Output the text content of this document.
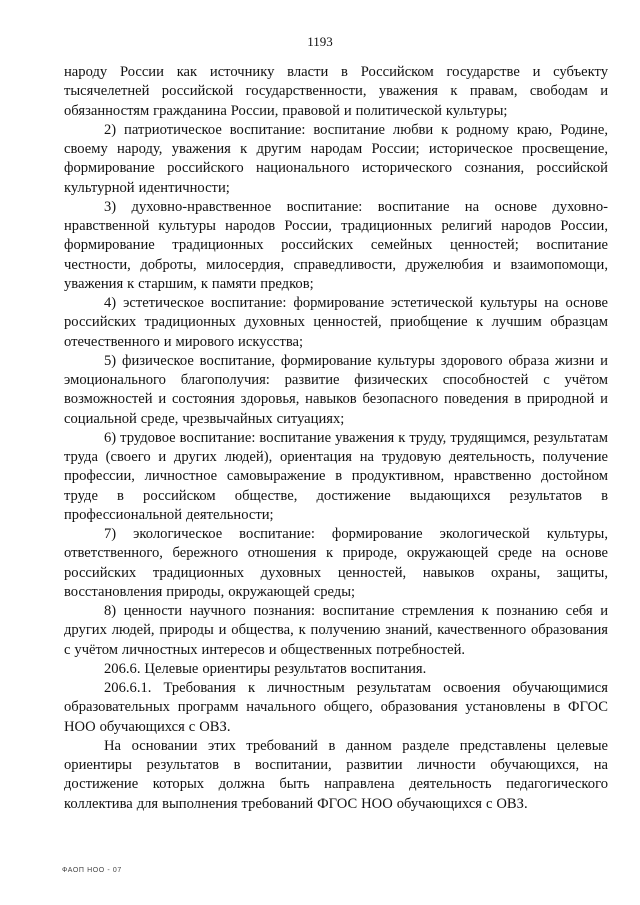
1193

народу России как источнику власти в Российском государстве и субъекту тысячелетней российской государственности, уважения к правам, свободам и обязанностям гражданина России, правовой и политической культуры;

2) патриотическое воспитание: воспитание любви к родному краю, Родине, своему народу, уважения к другим народам России; историческое просвещение, формирование российского национального исторического сознания, российской культурной идентичности;

3) духовно-нравственное воспитание: воспитание на основе духовно-нравственной культуры народов России, традиционных религий народов России, формирование традиционных российских семейных ценностей; воспитание честности, доброты, милосердия, справедливости, дружелюбия и взаимопомощи, уважения к старшим, к памяти предков;

4) эстетическое воспитание: формирование эстетической культуры на основе российских традиционных духовных ценностей, приобщение к лучшим образцам отечественного и мирового искусства;

5) физическое воспитание, формирование культуры здорового образа жизни и эмоционального благополучия: развитие физических способностей с учётом возможностей и состояния здоровья, навыков безопасного поведения в природной и социальной среде, чрезвычайных ситуациях;

6) трудовое воспитание: воспитание уважения к труду, трудящимся, результатам труда (своего и других людей), ориентация на трудовую деятельность, получение профессии, личностное самовыражение в продуктивном, нравственно достойном труде в российском обществе, достижение выдающихся результатов в профессиональной деятельности;

7) экологическое воспитание: формирование экологической культуры, ответственного, бережного отношения к природе, окружающей среде на основе российских традиционных духовных ценностей, навыков охраны, защиты, восстановления природы, окружающей среды;

8) ценности научного познания: воспитание стремления к познанию себя и других людей, природы и общества, к получению знаний, качественного образования с учётом личностных интересов и общественных потребностей.

206.6. Целевые ориентиры результатов воспитания.

206.6.1. Требования к личностным результатам освоения обучающимися образовательных программ начального общего, образования установлены в ФГОС НОО обучающихся с ОВЗ.

На основании этих требований в данном разделе представлены целевые ориентиры результатов в воспитании, развитии личности обучающихся, на достижение которых должна быть направлена деятельность педагогического коллектива для выполнения требований ФГОС НОО обучающихся с ОВЗ.

ФАОП НОО - 07
